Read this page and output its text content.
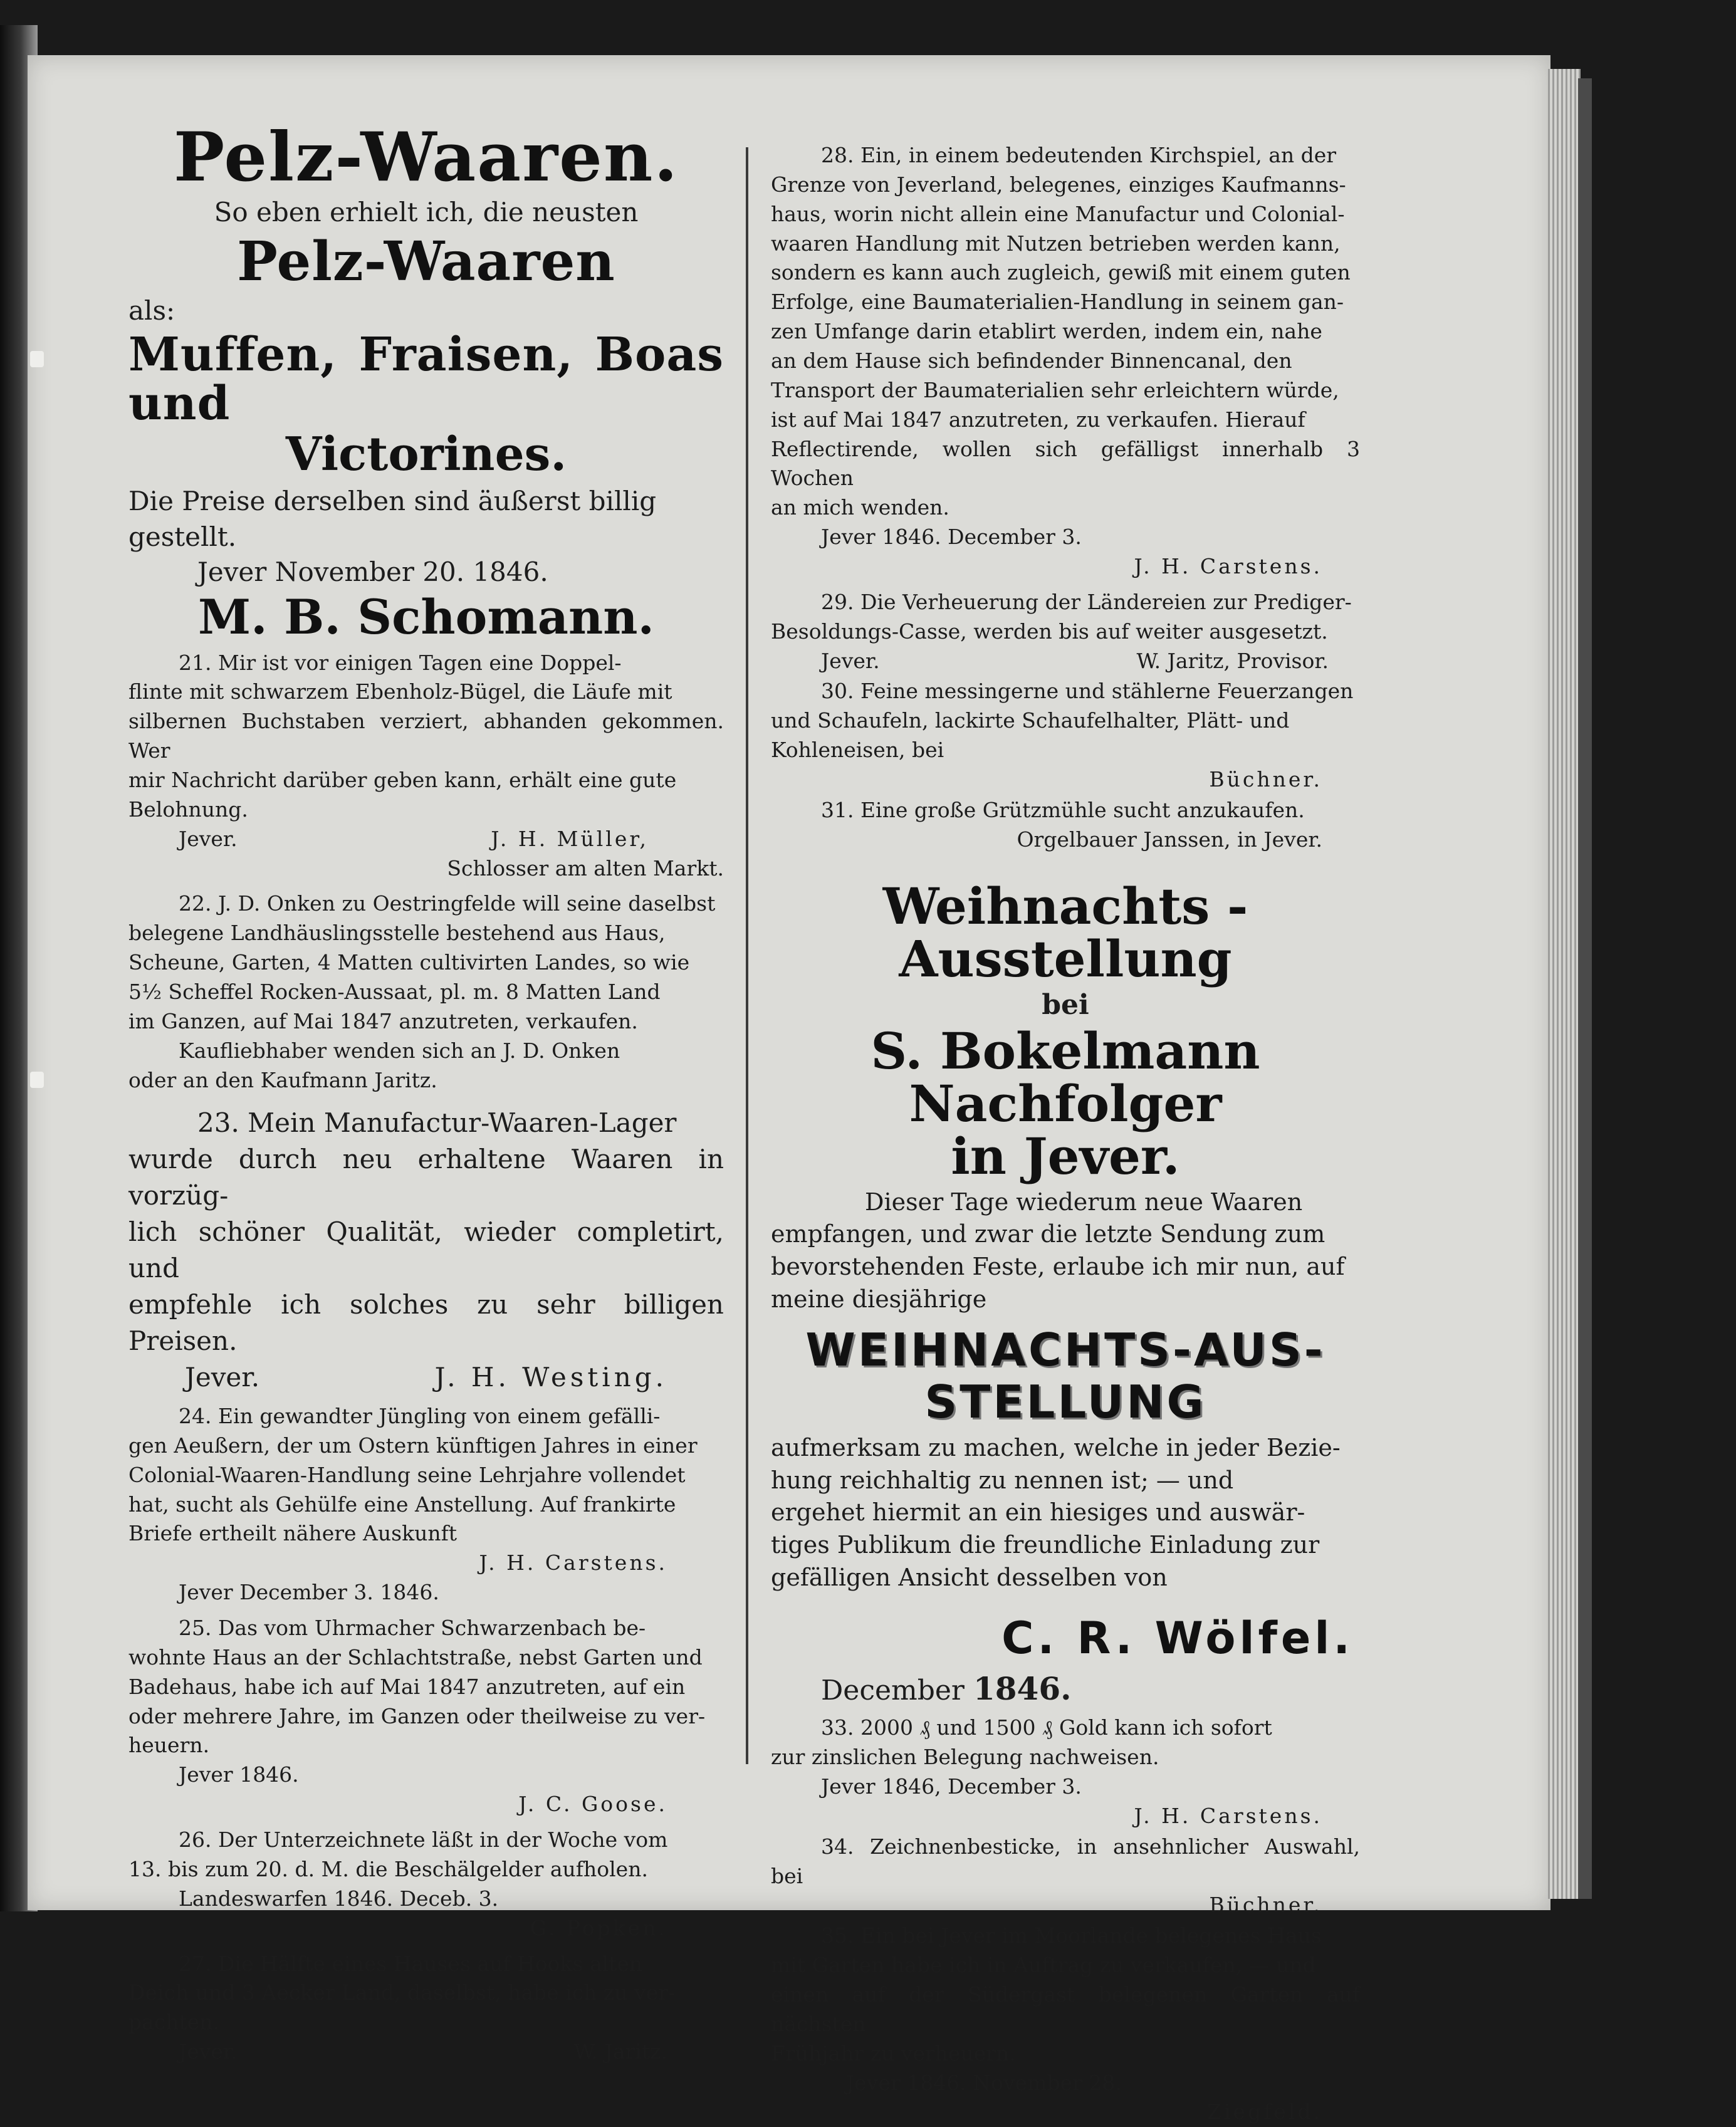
Pelz-Waaren.
So eben erhielt ich, die neusten
Pelz-Waaren
als:
Muffen, Fraisen, Boas und
Victorines.
Die Preise derselben sind äußerst billig
gestellt.
Jever November 20. 1846.
M. B. Schomann.

21. Mir ist vor einigen Tagen eine Doppel-

flinte mit schwarzem Ebenholz-Bügel, die Läufe mit

silbernen Buchstaben verziert, abhanden gekommen. Wer

mir Nachricht darüber geben kann, erhält eine gute

Belohnung.

Jever.	J. H. Müller,

Schlosser am alten Markt.

22. J. D. Onken zu Oestringfelde will seine daselbst

belegene Landhäuslingsstelle bestehend aus Haus,

Scheune, Garten, 4 Matten cultivirten Landes, so wie

5½ Scheffel Rocken-Aussaat, pl. m. 8 Matten Land

im Ganzen, auf Mai 1847 anzutreten, verkaufen.

Kaufliebhaber wenden sich an J. D. Onken

oder an den Kaufmann Jaritz.

23. Mein Manufactur-Waaren-Lager

wurde durch neu erhaltene Waaren in vorzüg-

lich schöner Qualität, wieder completirt, und

empfehle ich solches zu sehr billigen Preisen.

Jever.	J. H. Westing.

24. Ein gewandter Jüngling von einem gefälli-

gen Aeußern, der um Ostern künftigen Jahres in einer

Colonial-Waaren-Handlung seine Lehrjahre vollendet

hat, sucht als Gehülfe eine Anstellung. Auf frankirte

Briefe ertheilt nähere Auskunft

J. H. Carstens.

Jever December 3. 1846.

25. Das vom Uhrmacher Schwarzenbach be-

wohnte Haus an der Schlachtstraße, nebst Garten und

Badehaus, habe ich auf Mai 1847 anzutreten, auf ein

oder mehrere Jahre, im Ganzen oder theilweise zu ver-

heuern.

Jever 1846.

J. C. Goose.

26. Der Unterzeichnete läßt in der Woche vom

13. bis zum 20. d. M. die Beschälgelder aufholen.

Landeswarfen 1846. Deceb. 3.

G. Popken.

27. Die Hälfte eines Hauses auf Hooks alten

Deich und 3 Aecker Land, daselbst, habe ich zu ver-

pachten.

Jever.	W. Jaritz.

28. Ein, in einem bedeutenden Kirchspiel, an der

Grenze von Jeverland, belegenes, einziges Kaufmanns-

haus, worin nicht allein eine Manufactur und Colonial-

waaren Handlung mit Nutzen betrieben werden kann,

sondern es kann auch zugleich, gewiß mit einem guten

Erfolge, eine Baumaterialien-Handlung in seinem gan-

zen Umfange darin etablirt werden, indem ein, nahe

an dem Hause sich befindender Binnencanal, den

Transport der Baumaterialien sehr erleichtern würde,

ist auf Mai 1847 anzutreten, zu verkaufen. Hierauf

Reflectirende, wollen sich gefälligst innerhalb 3 Wochen

an mich wenden.

Jever 1846. December 3.

J. H. Carstens.

29. Die Verheuerung der Ländereien zur Prediger-

Besoldungs-Casse, werden bis auf weiter ausgesetzt.

Jever.	W. Jaritz, Provisor.

30. Feine messingerne und stählerne Feuerzangen

und Schaufeln, lackirte Schaufelhalter, Plätt- und

Kohleneisen, bei

Büchner.

31. Eine große Grützmühle sucht anzukaufen.

Orgelbauer Janssen, in Jever.

Weihnachts - Ausstellung
bei
S. Bokelmann Nachfolger
in Jever.

Dieser Tage wiederum neue Waaren

empfangen, und zwar die letzte Sendung zum

bevorstehenden Feste, erlaube ich mir nun, auf

meine diesjährige

WEIHNACHTS-AUS-
STELLUNG

aufmerksam zu machen, welche in jeder Bezie-

hung reichhaltig zu nennen ist; — und

ergehet hiermit an ein hiesiges und auswär-

tiges Publikum die freundliche Einladung zur

gefälligen Ansicht desselben von

C. R. Wölfel.
December 1846.

33. 2000 ₰ und 1500 ₰ Gold kann ich sofort

zur zinslichen Belegung nachweisen.

Jever 1846, December 3.

J. H. Carstens.

34. Zeichnenbesticke, in ansehnlicher Auswahl, bei

Büchner.

35. Ein bei Jever im Moorlande belegenes Haus

mit Garten habe ich in Auftrag zu verkaufen, — und

einen auf der Südergast belegenen Garten auf nächsten

Frühjahr zu verheuern.

Jever 1846. November 28.

Ziegfeld.
